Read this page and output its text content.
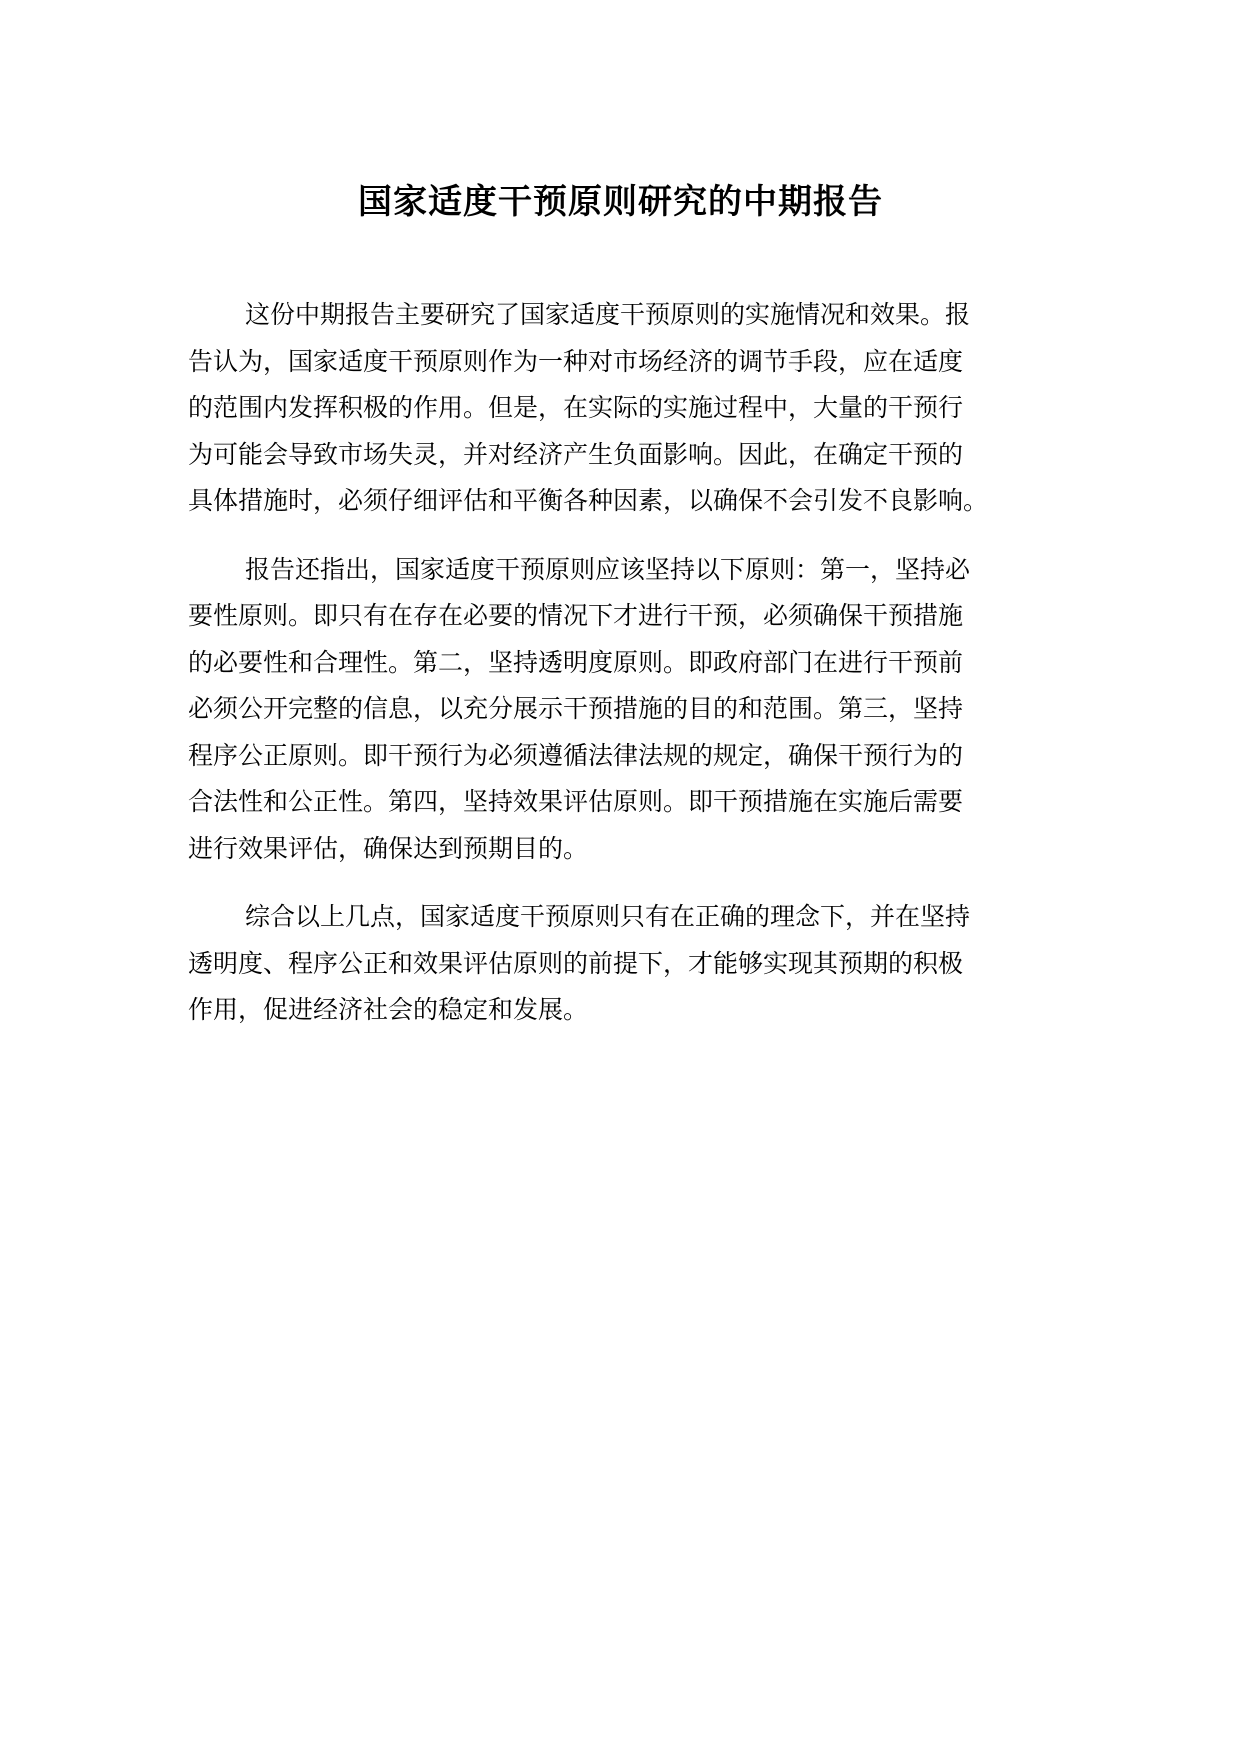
国家适度干预原则研究的中期报告
这份中期报告主要研究了国家适度干预原则的实施情况和效果。报
告认为，国家适度干预原则作为一种对市场经济的调节手段，应在适度
的范围内发挥积极的作用。但是，在实际的实施过程中，大量的干预行
为可能会导致市场失灵，并对经济产生负面影响。因此，在确定干预的
具体措施时，必须仔细评估和平衡各种因素，以确保不会引发不良影响。
报告还指出，国家适度干预原则应该坚持以下原则：第一，坚持必
要性原则。即只有在存在必要的情况下才进行干预，必须确保干预措施
的必要性和合理性。第二，坚持透明度原则。即政府部门在进行干预前
必须公开完整的信息，以充分展示干预措施的目的和范围。第三，坚持
程序公正原则。即干预行为必须遵循法律法规的规定，确保干预行为的
合法性和公正性。第四，坚持效果评估原则。即干预措施在实施后需要
进行效果评估，确保达到预期目的。
综合以上几点，国家适度干预原则只有在正确的理念下，并在坚持
透明度、程序公正和效果评估原则的前提下，才能够实现其预期的积极
作用，促进经济社会的稳定和发展。
